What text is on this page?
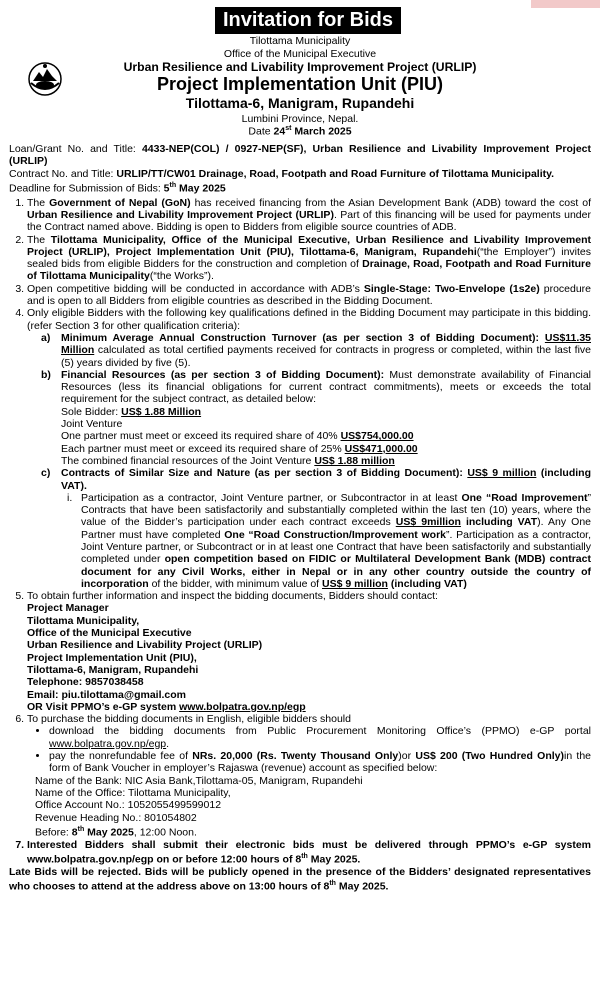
Invitation for Bids
Tilottama Municipality
Office of the Municipal Executive
Urban Resilience and Livability Improvement Project (URLIP)
Project Implementation Unit (PIU)
Tilottama-6, Manigram, Rupandehi
Lumbini Province, Nepal.
Date 24st March 2025

Loan/Grant No. and Title: 4433-NEP(COL) / 0927-NEP(SF), Urban Resilience and Livability Improvement Project (URLIP)

Contract No. and Title: URLIP/TT/CW01 Drainage, Road, Footpath and Road Furniture of Tilottama Municipality.

Deadline for Submission of Bids: 5th May 2025

1. The Government of Nepal (GoN) has received financing from the Asian Development Bank (ADB) toward the cost of Urban Resilience and Livability Improvement Project (URLIP). Part of this financing will be used for payments under the Contract named above. Bidding is open to Bidders from eligible source countries of ADB.
2. The Tilottama Municipality, Office of the Municipal Executive, Urban Resilience and Livability Improvement Project (URLIP), Project Implementation Unit (PIU), Tilottama-6, Manigram, Rupandehi(“the Employer”) invites sealed bids from eligible Bidders for the construction and completion of Drainage, Road, Footpath and Road Furniture of Tilottama Municipality(“the Works”).
3. Open competitive bidding will be conducted in accordance with ADB’s Single-Stage: Two-Envelope (1s2e) procedure and is open to all Bidders from eligible countries as described in the Bidding Document.
4. Only eligible Bidders with the following key qualifications defined in the Bidding Document may participate in this bidding. (refer Section 3 for other qualification criteria):
a) Minimum Average Annual Construction Turnover (as per section 3 of Bidding Document): US$11.35 Million calculated as total certified payments received for contracts in progress or completed, within the last five (5) years divided by five (5).
b) Financial Resources (as per section 3 of Bidding Document): Must demonstrate availability of Financial Resources (less its financial obligations for current contract commitments), meets or exceeds the total requirement for the subject contract, as detailed below:
Sole Bidder: US$ 1.88 Million
Joint Venture
One partner must meet or exceed its required share of 40% US$754,000.00
Each partner must meet or exceed its required share of 25% US$471,000.00
The combined financial resources of the Joint Venture US$ 1.88 million
c) Contracts of Similar Size and Nature (as per section 3 of Bidding Document): US$ 9 million (including VAT).
i. Participation as a contractor, Joint Venture partner, or Subcontractor in at least One “Road Improvement” Contracts that have been satisfactorily and substantially completed within the last ten (10) years, where the value of the Bidder’s participation under each contract exceeds US$ 9million including VAT). Any One Partner must have completed One “Road Construction/Improvement work”. Participation as a contractor, Joint Venture partner, or Subcontract or in at least one Contract that have been satisfactorily and substantially completed under open competition based on FIDIC or Multilateral Development Bank (MDB) contract document for any Civil Works, either in Nepal or in any other country outside the country of incorporation of the bidder, with minimum value of US$ 9 million (including VAT)
5. To obtain further information and inspect the bidding documents, Bidders should contact:
Project Manager
Tilottama Municipality,
Office of the Municipal Executive
Urban Resilience and Livability Project (URLIP)
Project Implementation Unit (PIU),
Tilottama-6, Manigram, Rupandehi
Telephone: 9857038458
Email: piu.tilottama@gmail.com
OR Visit PPMO’s e-GP system www.bolpatra.gov.np/egp
6. To purchase the bidding documents in English, eligible bidders should
• download the bidding documents from Public Procurement Monitoring Office’s (PPMO) e-GP portal www.bolpatra.gov.np/egp.
• pay the nonrefundable fee of NRs. 20,000 (Rs. Twenty Thousand Only)or US$ 200 (Two Hundred Only)in the form of Bank Voucher in employer’s Rajaswa (revenue) account as specified below:
Name of the Bank: NIC Asia Bank,Tilottama-05, Manigram, Rupandehi
Name of the Office: Tilottama Municipality,
Office Account No.: 1052055499599012
Revenue Heading No.: 801054802
Before: 8th May 2025, 12:00 Noon.
7. Interested Bidders shall submit their electronic bids must be delivered through PPMO’s e-GP system www.bolpatra.gov.np/egp on or before 12:00 hours of 8th May 2025.

Late Bids will be rejected. Bids will be publicly opened in the presence of the Bidders’ designated representatives who chooses to attend at the address above on 13:00 hours of 8th May 2025.
